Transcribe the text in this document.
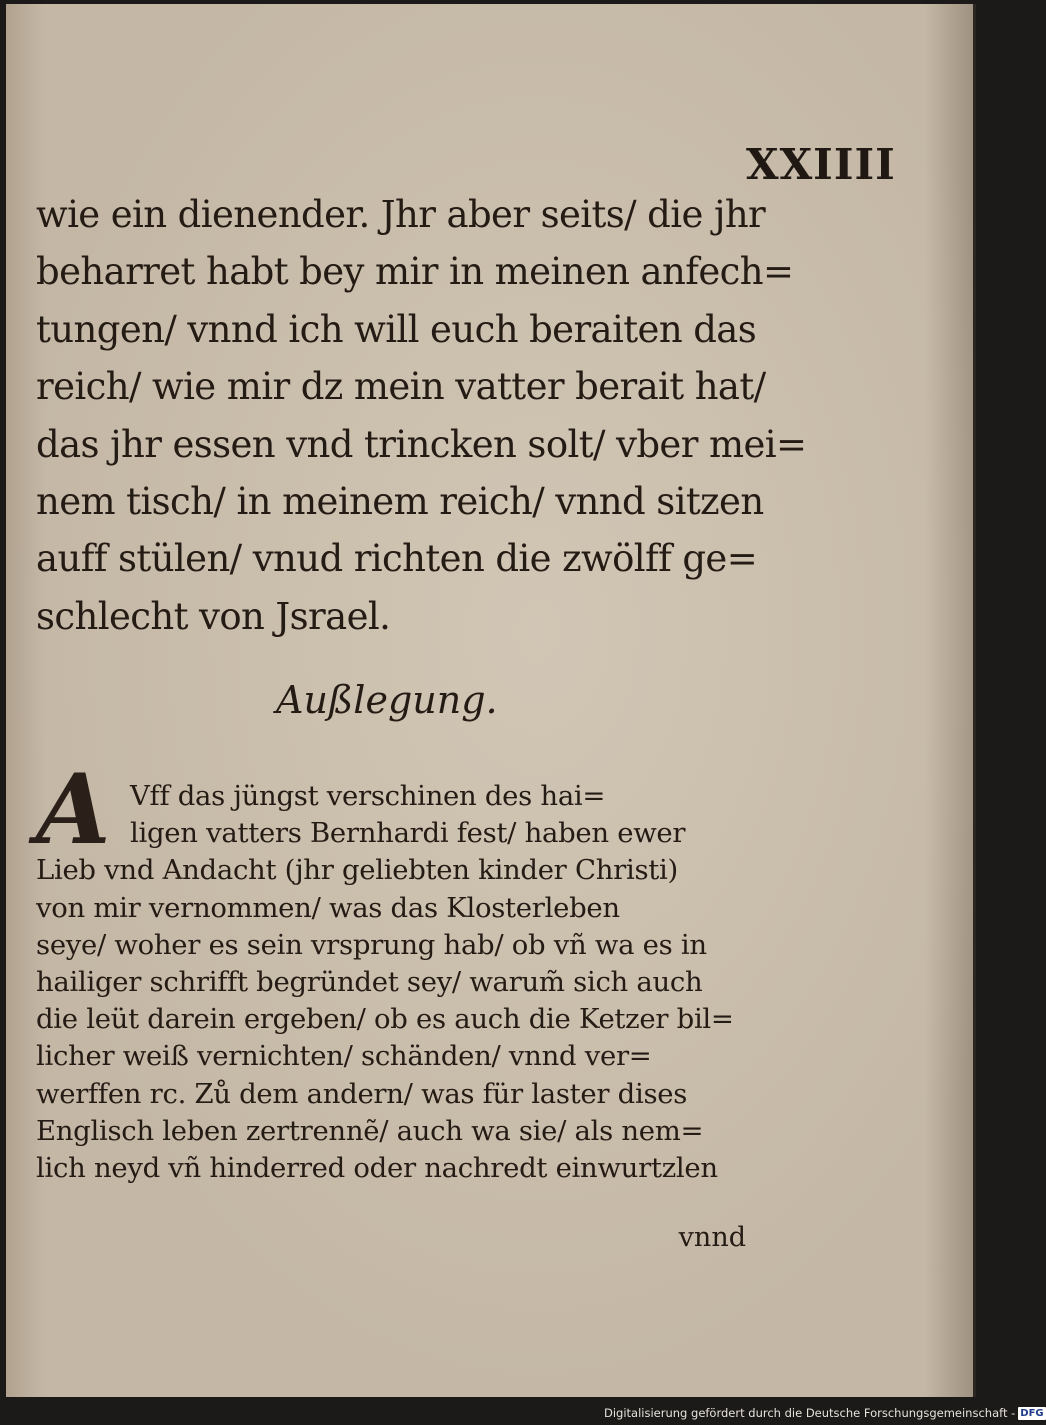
XXIIII
wie ein dienender. Jhr aber seits/ die jhr
beharret habt bey mir in meinen anfech=
tungen/ vnnd ich will euch beraiten das
reich/ wie mir dz mein vatter berait hat/
das jhr essen vnd trincken solt/ vber mei=
nem tisch/ in meinem reich/ vnnd sitzen
auff stülen/ vnud richten die zwölff ge=
schlecht von Jsrael.
Außlegung.
A Vff das jüngst verschinen des hai=
ligen vatters Bernhardi fest/ haben ewer
Lieb vnd Andacht (jhr geliebten kinder Christi)
von mir vernommen/ was das Klosterleben
seye/ woher es sein vrsprung hab/ ob vñ wa es in
hailiger schrifft begründet sey/ warum̃ sich auch
die leüt darein ergeben/ ob es auch die Ketzer bil=
licher weiß vernichten/ schänden/ vnnd ver=
werffen rc. Zů dem andern/ was für laster dises
Englisch leben zertrennẽ/ auch wa sie/ als nem=
lich neyd vñ hinderred oder nachredt einwurtzlen
vnnd
Digitalisierung gefördert durch die Deutsche Forschungsgemeinschaft - DFG
